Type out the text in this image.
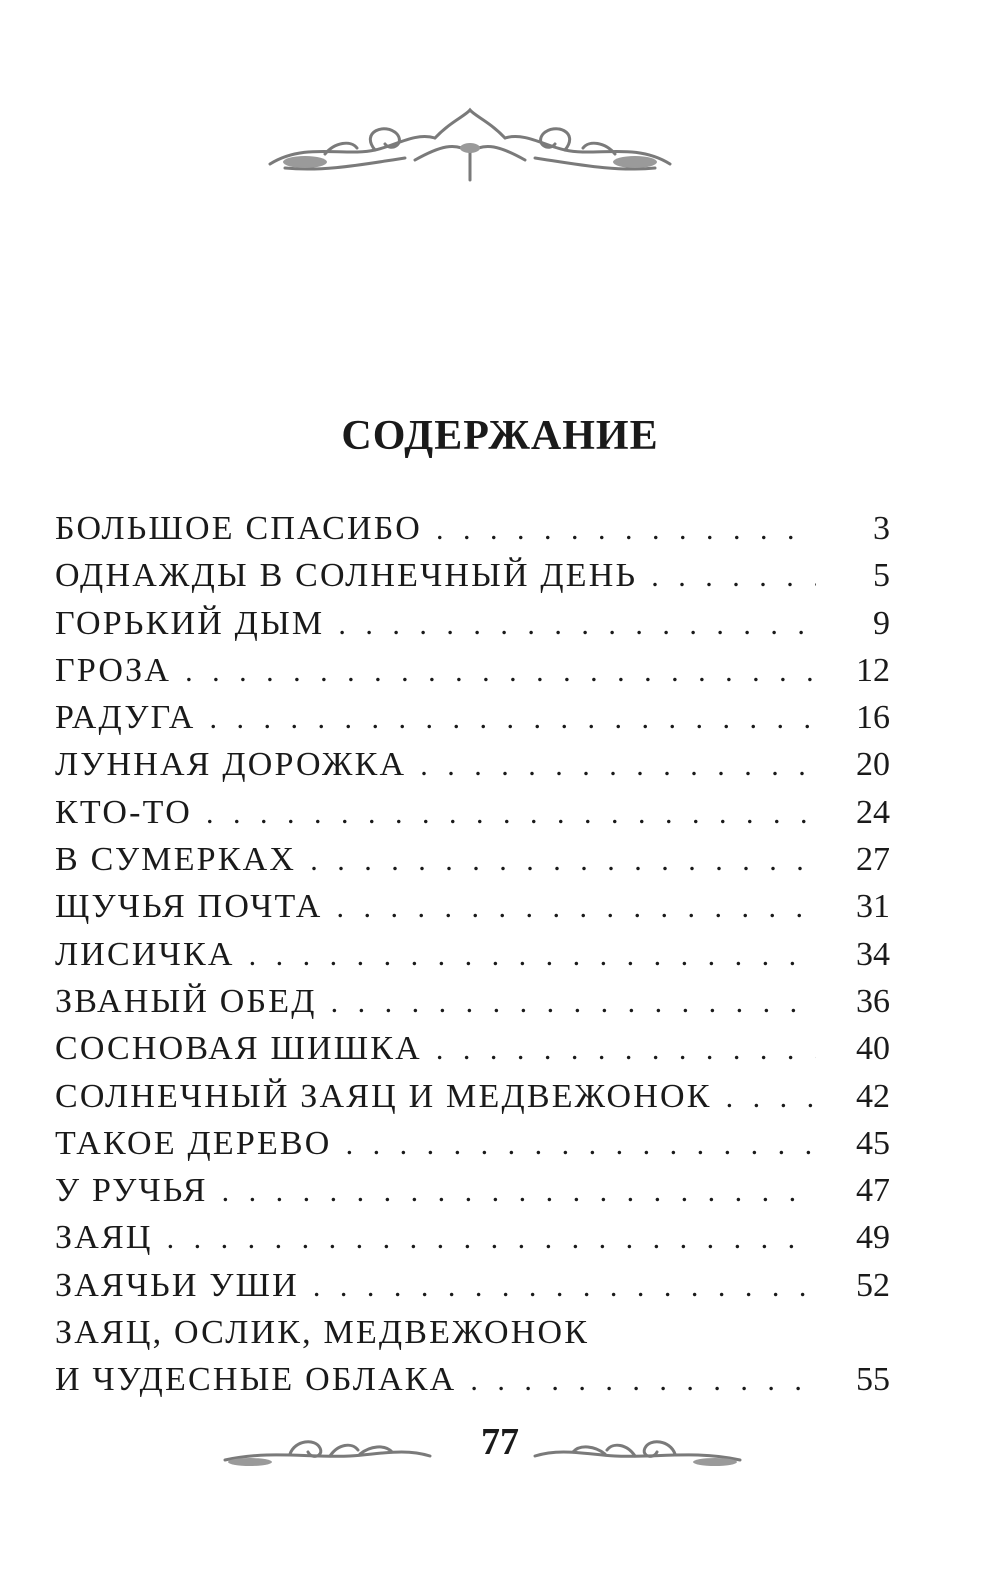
СОДЕРЖАНИЕ
БОЛЬШОЕ СПАСИБО . . .	3
ОДНАЖДЫ В СОЛНЕЧНЫЙ ДЕНЬ . . .	5
ГОРЬКИЙ ДЫМ . . .	9
ГРОЗА . . .	12
РАДУГА . . .	16
ЛУННАЯ ДОРОЖКА . . .	20
КТО-ТО . . .	24
В СУМЕРКАХ . . .	27
ЩУЧЬЯ ПОЧТА . . .	31
ЛИСИЧКА . . .	34
ЗВАНЫЙ ОБЕД . . .	36
СОСНОВАЯ ШИШКА . . .	40
СОЛНЕЧНЫЙ ЗАЯЦ И МЕДВЕЖОНОК . . .	42
ТАКОЕ ДЕРЕВО . . .	45
У РУЧЬЯ . . .	47
ЗАЯЦ . . .	49
ЗАЯЧЬИ УШИ . . .	52
ЗАЯЦ, ОСЛИК, МЕДВЕЖОНОК
И ЧУДЕСНЫЕ ОБЛАКА . . .	55
77
